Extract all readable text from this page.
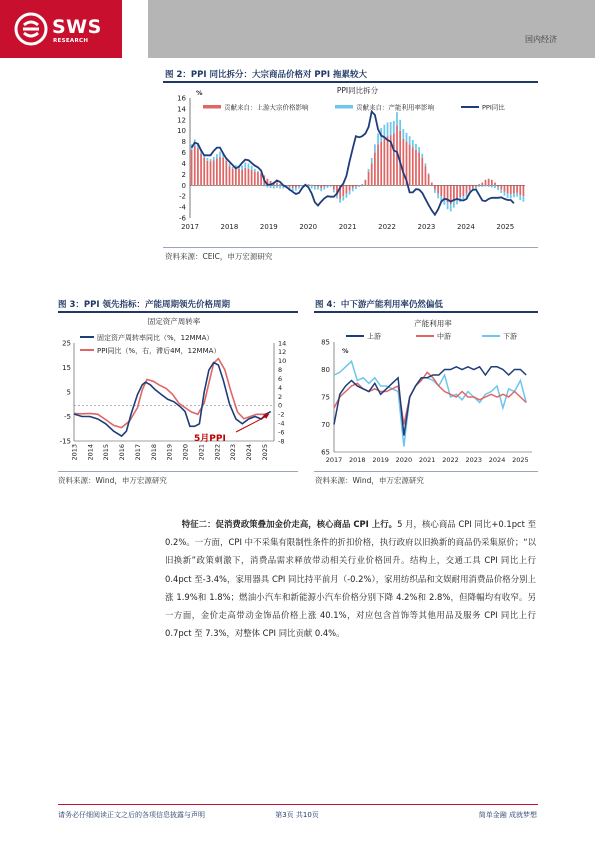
SWS
RESEARCH	国内经济
图 2：PPI 同比拆分：大宗商品价格对 PPI 拖累较大
PPI同比拆分
%
-6
-4
-2
0
2
4
6
8
10
12
14
16
2017	2018	2019	2020	2021	2022	2023	2024	2025
贡献来自：上游大宗价格影响	贡献来自：产能利用率影响	PPI同比
资料来源：CEIC，申万宏源研究
图 3：PPI 领先指标：产能周期领先价格周期
固定资产周转率
-15
-5
5
15
25
-8
-6
-4
-2
0
2
4
6
8
10
12
14
2013 2014 2015 2016 2017 2018 2019 2020 2021 2022 2023 2024 2025
固定资产周转率同比（%，12MMA）
PPI同比（%，右，滞后4M，12MMA）
5月PPI
资料来源：Wind，申万宏源研究
图 4：中下游产能利用率仍然偏低
产能利用率
%
65
70
75
80
85
2017 2018 2019 2020 2021 2022 2023 2024 2025
上游	中游	下游
资料来源：Wind，申万宏源研究

特征二：促消费政策叠加金价走高，核心商品 CPI 上行。5 月，核心商品 CPI 同比+0.1pct 至 0.2%。一方面，CPI 中不采集有限制性条件的折扣价格，执行政府以旧换新的商品仍采集原价；“以旧换新”政策刺激下，消费品需求释放带动相关行业价格回升。结构上，交通工具 CPI 同比上行 0.4pct 至-3.4%，家用器具 CPI 同比持平前月（-0.2%），家用纺织品和文娱耐用消费品价格分别上涨 1.9%和 1.8%；燃油小汽车和新能源小汽车价格分别下降 4.2%和 2.8%，但降幅均有收窄。另一方面，金价走高带动金饰品价格上涨 40.1%，对应包含首饰等其他用品及服务 CPI 同比上行 0.7pct 至 7.3%，对整体 CPI 同比贡献 0.4%。

请务必仔细阅读正文之后的各项信息披露与声明	第3页 共10页	简单金融 成就梦想
